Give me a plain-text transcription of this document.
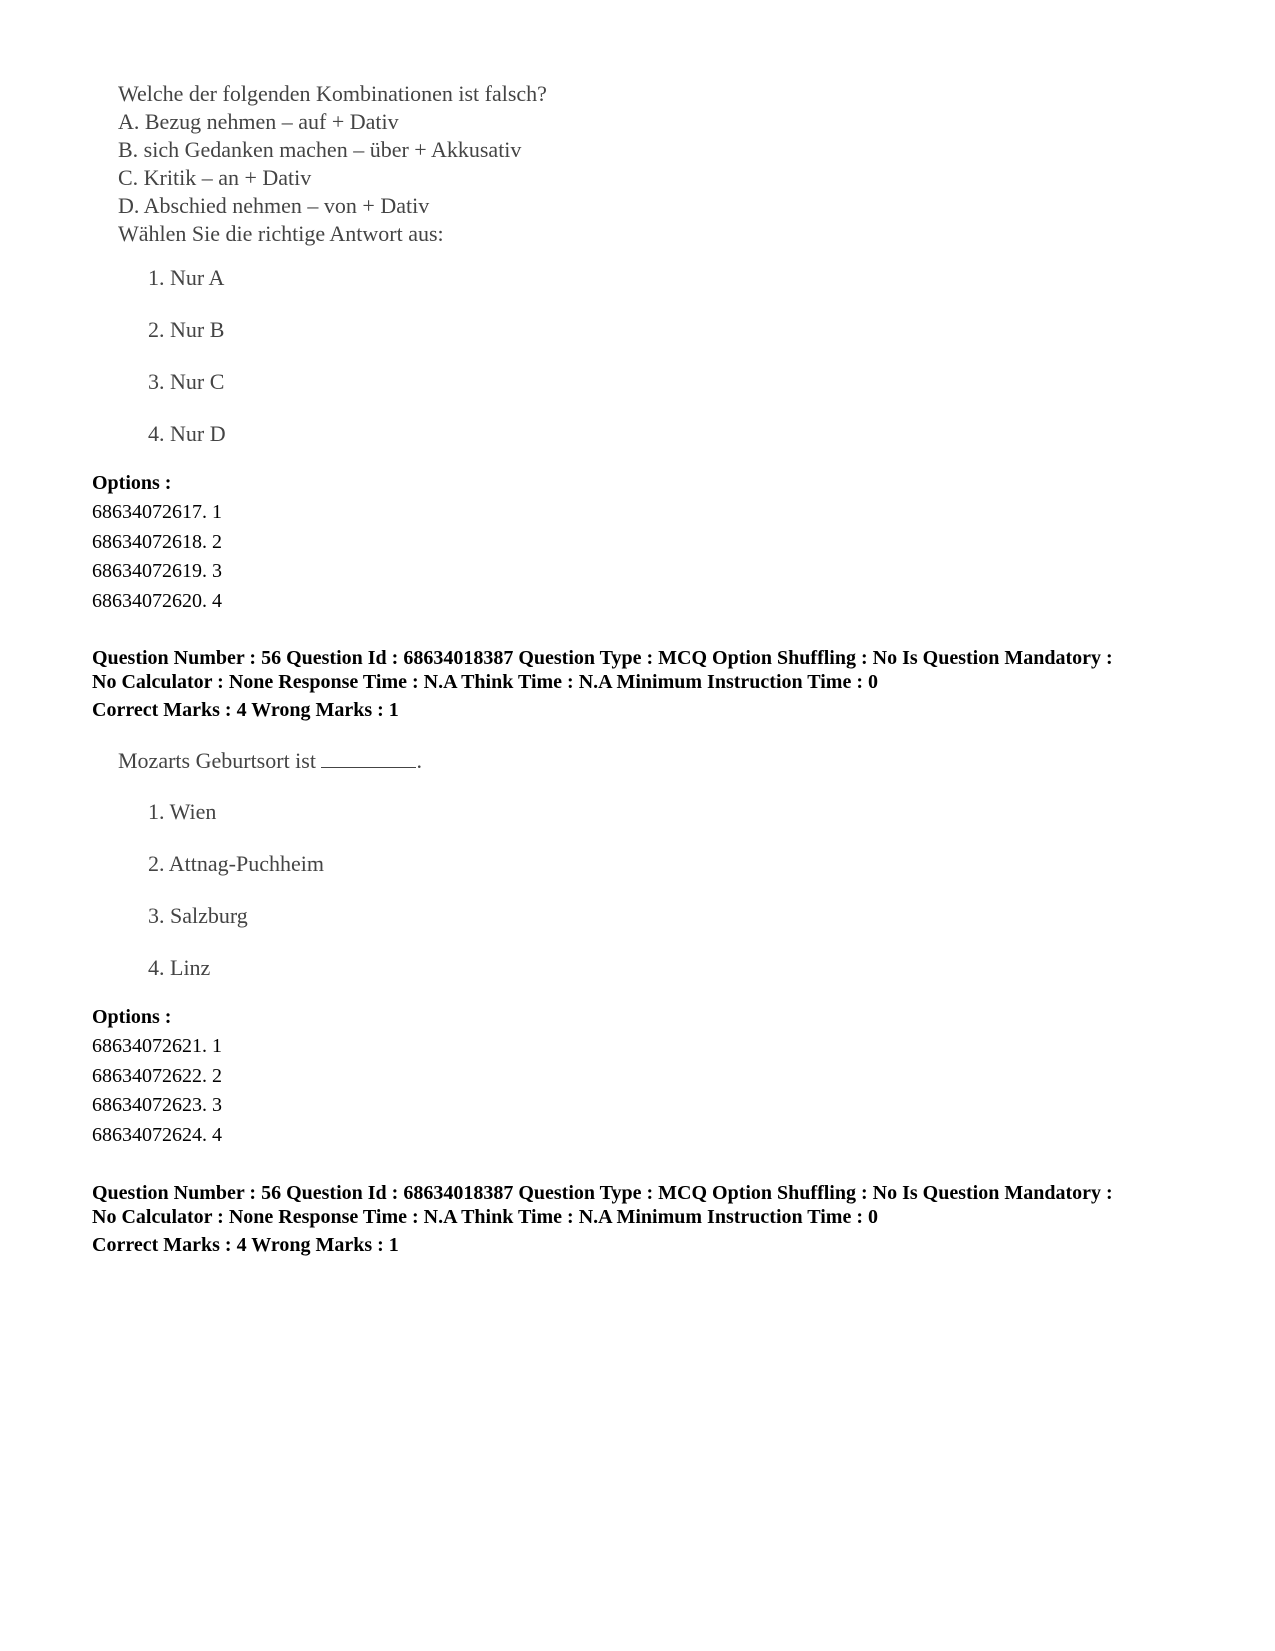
Welche der folgenden Kombinationen ist falsch?
A. Bezug nehmen – auf + Dativ
B. sich Gedanken machen – über + Akkusativ
C. Kritik – an + Dativ
D. Abschied nehmen – von + Dativ
Wählen Sie die richtige Antwort aus:
1. Nur A
2. Nur B
3. Nur C
4. Nur D
Options :
68634072617. 1
68634072618. 2
68634072619. 3
68634072620. 4
Question Number : 56 Question Id : 68634018387 Question Type : MCQ Option Shuffling : No Is Question Mandatory :
No Calculator : None Response Time : N.A Think Time : N.A Minimum Instruction Time : 0
Correct Marks : 4 Wrong Marks : 1
Mozarts Geburtsort ist	.
1. Wien
2. Attnag-Puchheim
3. Salzburg
4. Linz
Options :
68634072621. 1
68634072622. 2
68634072623. 3
68634072624. 4
Question Number : 56 Question Id : 68634018387 Question Type : MCQ Option Shuffling : No Is Question Mandatory :
No Calculator : None Response Time : N.A Think Time : N.A Minimum Instruction Time : 0
Correct Marks : 4 Wrong Marks : 1
